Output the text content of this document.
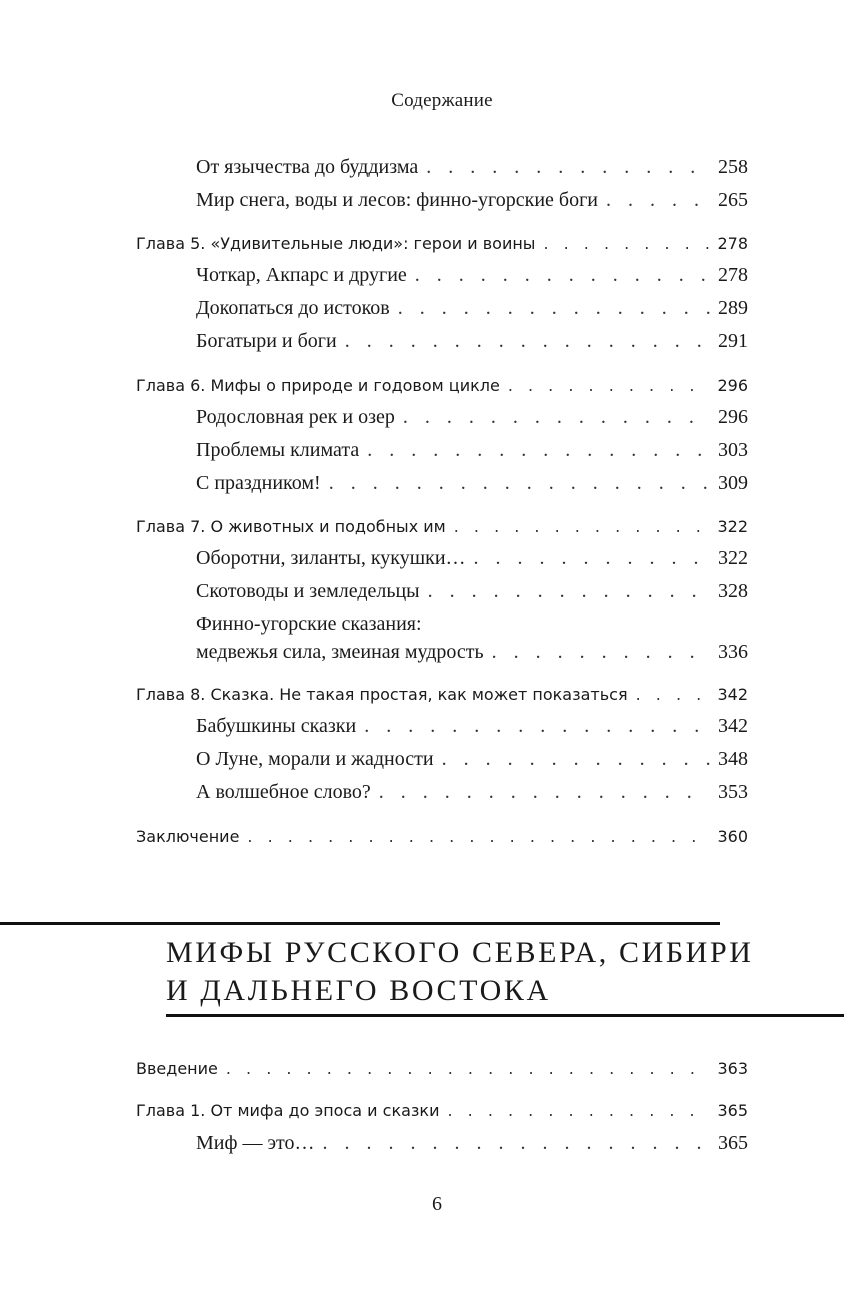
Содержание
От язычества до буддизма . . .	258
Мир снега, воды и лесов: финно-угорские боги . . .	265
Глава 5. «Удивительные люди»: герои и воины . . .	278
Чоткар, Акпарс и другие . . .	278
Докопаться до истоков . . .	289
Богатыри и боги . . .	291
Глава 6. Мифы о природе и годовом цикле . . .	296
Родословная рек и озер . . .	296
Проблемы климата . . .	303
С праздником! . . .	309
Глава 7. О животных и подобных им . . .	322
Оборотни, зиланты, кукушки… . . .	322
Скотоводы и земледельцы . . .	328
Финно-угорские сказания:
медвежья сила, змеиная мудрость . . .	336
Глава 8. Сказка. Не такая простая, как может показаться . . .	342
Бабушкины сказки . . .	342
О Луне, морали и жадности . . .	348
А волшебное слово? . . .	353
Заключение . . .	360
МИФЫ РУССКОГО СЕВЕРА, СИБИРИ
И ДАЛЬНЕГО ВОСТОКА
Введение . . .	363
Глава 1. От мифа до эпоса и сказки . . .	365
Миф — это… . . .	365
6
